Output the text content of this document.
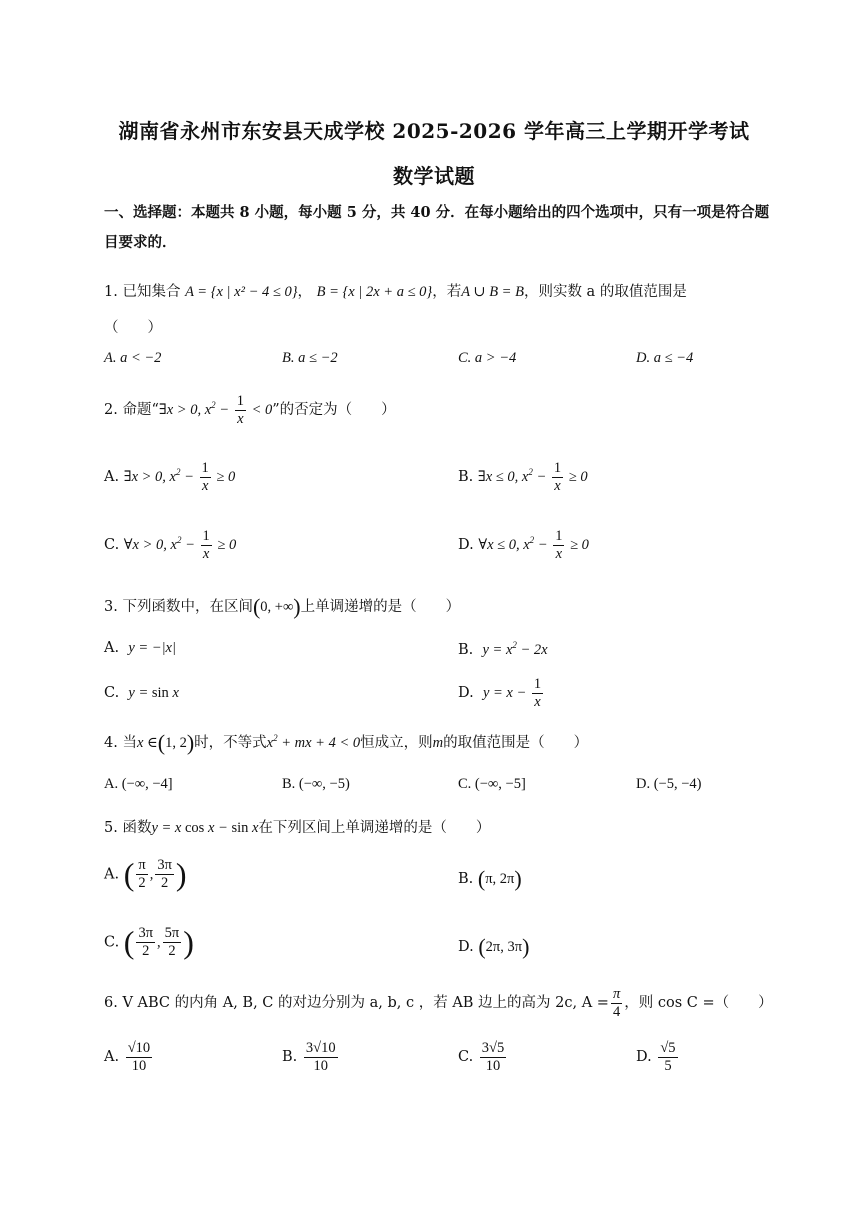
湖南省永州市东安县天成学校 2025-2026 学年高三上学期开学考试
数学试题
一、选择题：本题共 8 小题，每小题 5 分，共 40 分．在每小题给出的四个选项中，只有一项是符合题目要求的．
1. 已知集合 A = {x | x² − 4 ≤ 0}， B = {x | 2x + a ≤ 0}，若A ∪ B = B，则实数 a 的取值范围是
（　　）
A. a < −2	B. a ≤ −2	C. a > −4	D. a ≤ −4
2. 命题“∃x > 0, $x^2 - \frac{1}{x} < 0$”的否定为（　　）
A. ∃x > 0, $x^2 - \frac{1}{x} \ge 0$	B. ∃x ≤ 0, $x^2 - \frac{1}{x} \ge 0$
C. ∀x > 0, $x^2 - \frac{1}{x} \ge 0$	D. ∀x ≤ 0, $x^2 - \frac{1}{x} \ge 0$
3. 下列函数中，在区间(0, +∞)上单调递增的是（　　）
A. y = −|x|	B. $y = x^2 - 2x$
C. y = sin x	D. $y = x - \frac{1}{x}$
4. 当x ∈(1, 2)时，不等式$x^2$ + mx + 4 < 0恒成立，则m的取值范围是（　　）
A. (−∞, −4]	B. (−∞, −5)	C. (−∞, −5]	D. (−5, −4)
5. 函数y = x cos x − sin x在下列区间上单调递增的是（　　）
A. ( $\frac{\pi}{2}$ , $\frac{3\pi}{2}$ )	B. (π, 2π)
C. ( $\frac{3\pi}{2}$ , $\frac{5\pi}{2}$ )	D. (2π, 3π)
6. V ABC 的内角 A, B, C 的对边分别为 a, b, c ，若 AB 边上的高为 2c, $A = \frac{\pi}{4}$ ，则 cos C =（　　）
A. $\frac{√10}{10}$	B. $\frac{3√10}{10}$	C. $\frac{3√5}{10}$	D. $\frac{√5}{5}$
